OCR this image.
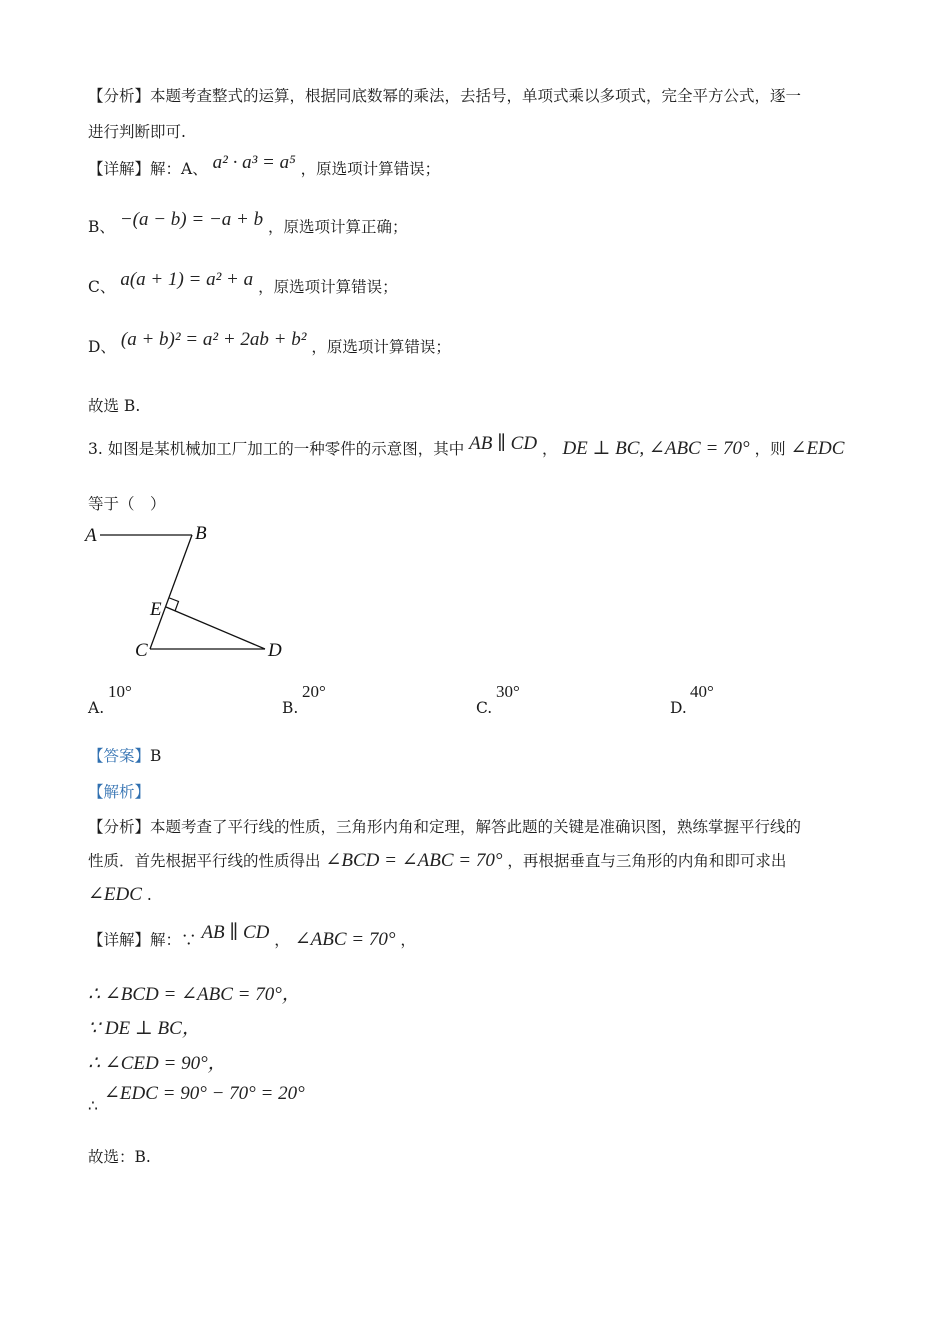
【分析】本题考查整式的运算，根据同底数幂的乘法，去括号，单项式乘以多项式，完全平方公式，逐一
进行判断即可.
【详解】解：A、 a² · a³ = a⁵ ，原选项计算错误；
B、 −(a − b) = −a + b ，原选项计算正确；
C、 a(a + 1) = a² + a ，原选项计算错误；
D、 (a + b)² = a² + 2ab + b² ，原选项计算错误；
故选 B.
3. 如图是某机械加工厂加工的一种零件的示意图，其中 AB ∥ CD ， DE ⊥ BC, ∠ABC = 70° ，则 ∠EDC
等于（　）
A	B
E
C	D
A.
10°
B.
20°
C.
30°
D.
40°
【答案】B
【解析】
【分析】本题考查了平行线的性质，三角形内角和定理，解答此题的关键是准确识图，熟练掌握平行线的
性质．首先根据平行线的性质得出 ∠BCD = ∠ABC = 70° ，再根据垂直与三角形的内角和即可求出
∠EDC .
【详解】解：∵ AB ∥ CD ， ∠ABC = 70° ，
∴ ∠BCD = ∠ABC = 70°，
∵ DE ⊥ BC，
∴ ∠CED = 90°，
∴
∠EDC = 90° − 70° = 20°
故选：B.
